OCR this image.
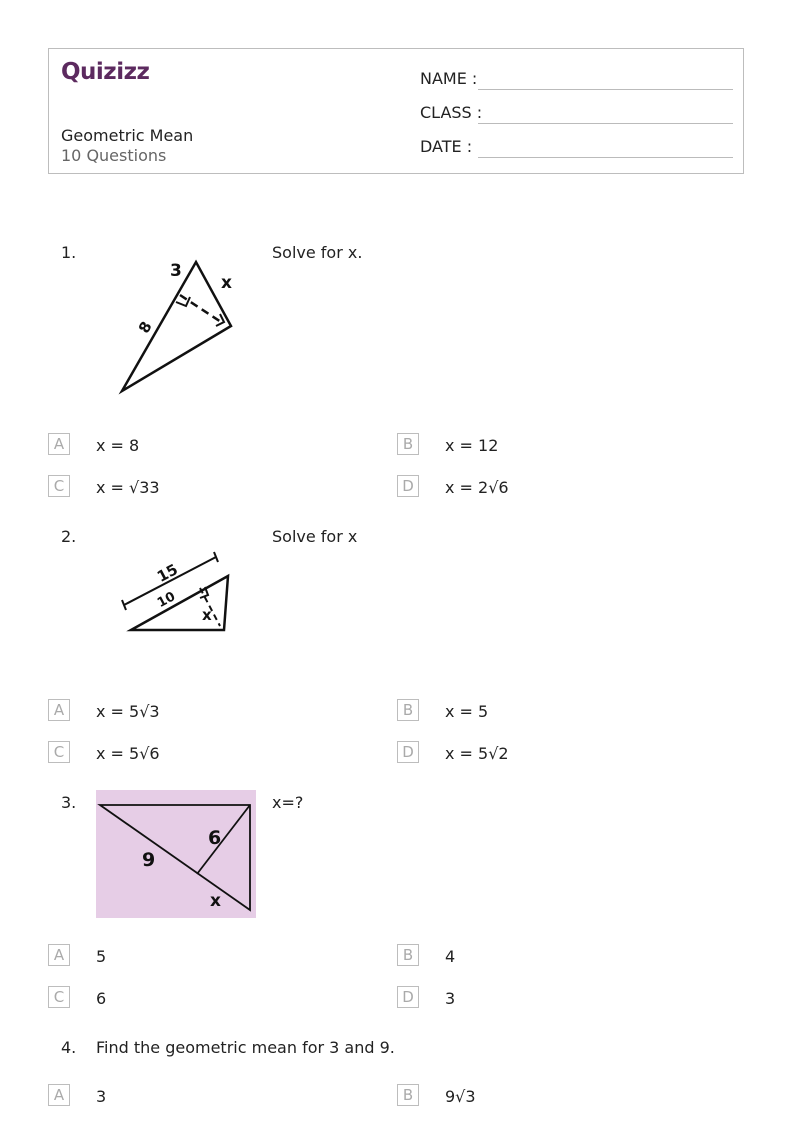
Quizizz
Geometric Mean
10 Questions
NAME :
CLASS :
DATE :
1.
3
x
8
Solve for x.
A	x = 8	B	x = 12
C	x = √33	D	x = 2√6
2.
15
10
x
Solve for x
A	x = 5√3	B	x = 5
C	x = 5√6	D	x = 5√2
3.
6
9
x
x=?
A	5	B	4
C	6	D	3
4. Find the geometric mean for 3 and 9.
A	3	B	9√3
